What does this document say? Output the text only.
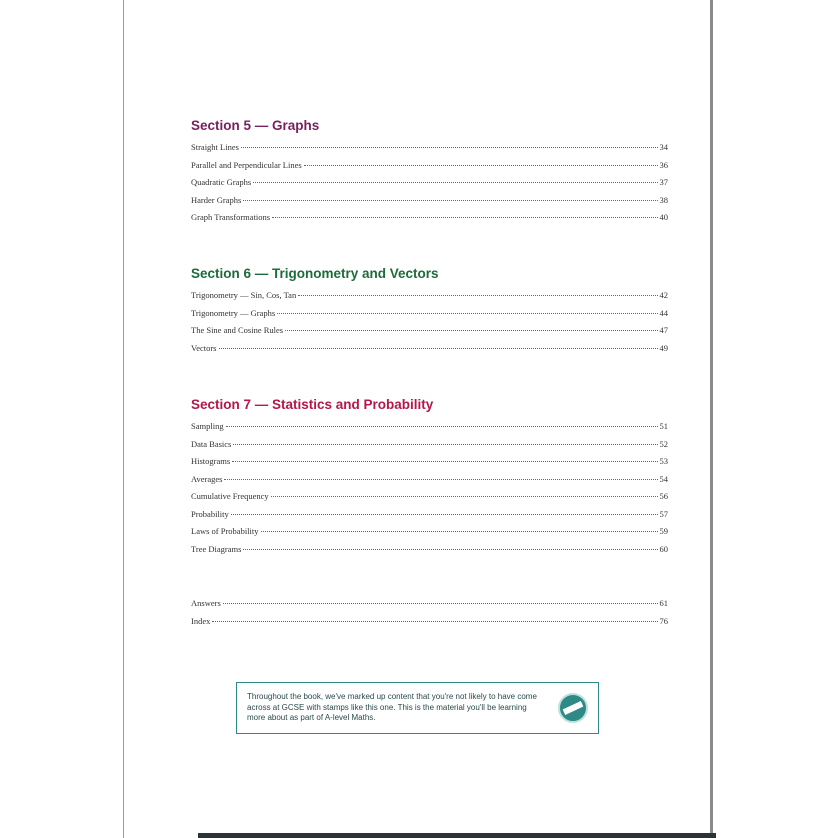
Section 5 — Graphs
Straight Lines	34
Parallel and Perpendicular Lines	36
Quadratic Graphs	37
Harder Graphs	38
Graph Transformations	40
Section 6 — Trigonometry and Vectors
Trigonometry — Sin, Cos, Tan	42
Trigonometry — Graphs	44
The Sine and Cosine Rules	47
Vectors	49
Section 7 — Statistics and Probability
Sampling	51
Data Basics	52
Histograms	53
Averages	54
Cumulative Frequency	56
Probability	57
Laws of Probability	59
Tree Diagrams	60
Answers	61
Index	76
Throughout the book, we've marked up content that you're not likely to have come across at GCSE with stamps like this one. This is the material you'll be learning more about as part of A-level Maths.
